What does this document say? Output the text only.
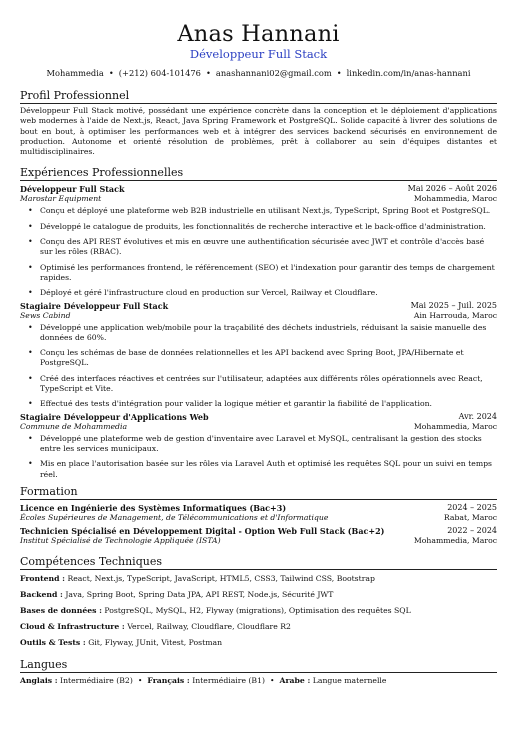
Anas Hannani
Développeur Full Stack
Mohammedia • (+212) 604-101476 • anashannani02@gmail.com • linkedin.com/in/anas-hannani
Profil Professionnel
Développeur Full Stack motivé, possédant une expérience concrète dans la conception et le déploiement d'applications web modernes à l'aide de Next.js, React, Java Spring Framework et PostgreSQL. Solide capacité à livrer des solutions de bout en bout, à optimiser les performances web et à intégrer des services backend sécurisés en environnement de production. Autonome et orienté résolution de problèmes, prêt à collaborer au sein d'équipes distantes et multidisciplinaires.
Expériences Professionnelles
Développeur Full Stack	Mai 2026 – Août 2026
Marostar Equipment	Mohammedia, Maroc
• Conçu et déployé une plateforme web B2B industrielle en utilisant Next.js, TypeScript, Spring Boot et PostgreSQL.
• Développé le catalogue de produits, les fonctionnalités de recherche interactive et le back-office d'administration.
• Conçu des API REST évolutives et mis en œuvre une authentification sécurisée avec JWT et contrôle d'accès basé sur les rôles (RBAC).
• Optimisé les performances frontend, le référencement (SEO) et l'indexation pour garantir des temps de chargement rapides.
• Déployé et géré l'infrastructure cloud en production sur Vercel, Railway et Cloudflare.
Stagiaire Développeur Full Stack	Mai 2025 – Juil. 2025
Sews Cabind	Ain Harrouda, Maroc
• Développé une application web/mobile pour la traçabilité des déchets industriels, réduisant la saisie manuelle des données de 60%.
• Conçu les schémas de base de données relationnelles et les API backend avec Spring Boot, JPA/Hibernate et PostgreSQL.
• Créé des interfaces réactives et centrées sur l'utilisateur, adaptées aux différents rôles opérationnels avec React, TypeScript et Vite.
• Effectué des tests d'intégration pour valider la logique métier et garantir la fiabilité de l'application.
Stagiaire Développeur d'Applications Web	Avr. 2024
Commune de Mohammedia	Mohammedia, Maroc
• Développé une plateforme web de gestion d'inventaire avec Laravel et MySQL, centralisant la gestion des stocks entre les services municipaux.
• Mis en place l'autorisation basée sur les rôles via Laravel Auth et optimisé les requêtes SQL pour un suivi en temps réel.
Formation
Licence en Ingénierie des Systèmes Informatiques (Bac+3)	2024 – 2025
Écoles Supérieures de Management, de Télécommunications et d'Informatique	Rabat, Maroc
Technicien Spécialisé en Développement Digital - Option Web Full Stack (Bac+2)	2022 – 2024
Institut Spécialisé de Technologie Appliquée (ISTA)	Mohammedia, Maroc
Compétences Techniques
Frontend : React, Next.js, TypeScript, JavaScript, HTML5, CSS3, Tailwind CSS, Bootstrap
Backend : Java, Spring Boot, Spring Data JPA, API REST, Node.js, Sécurité JWT
Bases de données : PostgreSQL, MySQL, H2, Flyway (migrations), Optimisation des requêtes SQL
Cloud & Infrastructure : Vercel, Railway, Cloudflare, Cloudflare R2
Outils & Tests : Git, Flyway, JUnit, Vitest, Postman
Langues
Anglais : Intermédiaire (B2) • Français : Intermédiaire (B1) • Arabe : Langue maternelle
